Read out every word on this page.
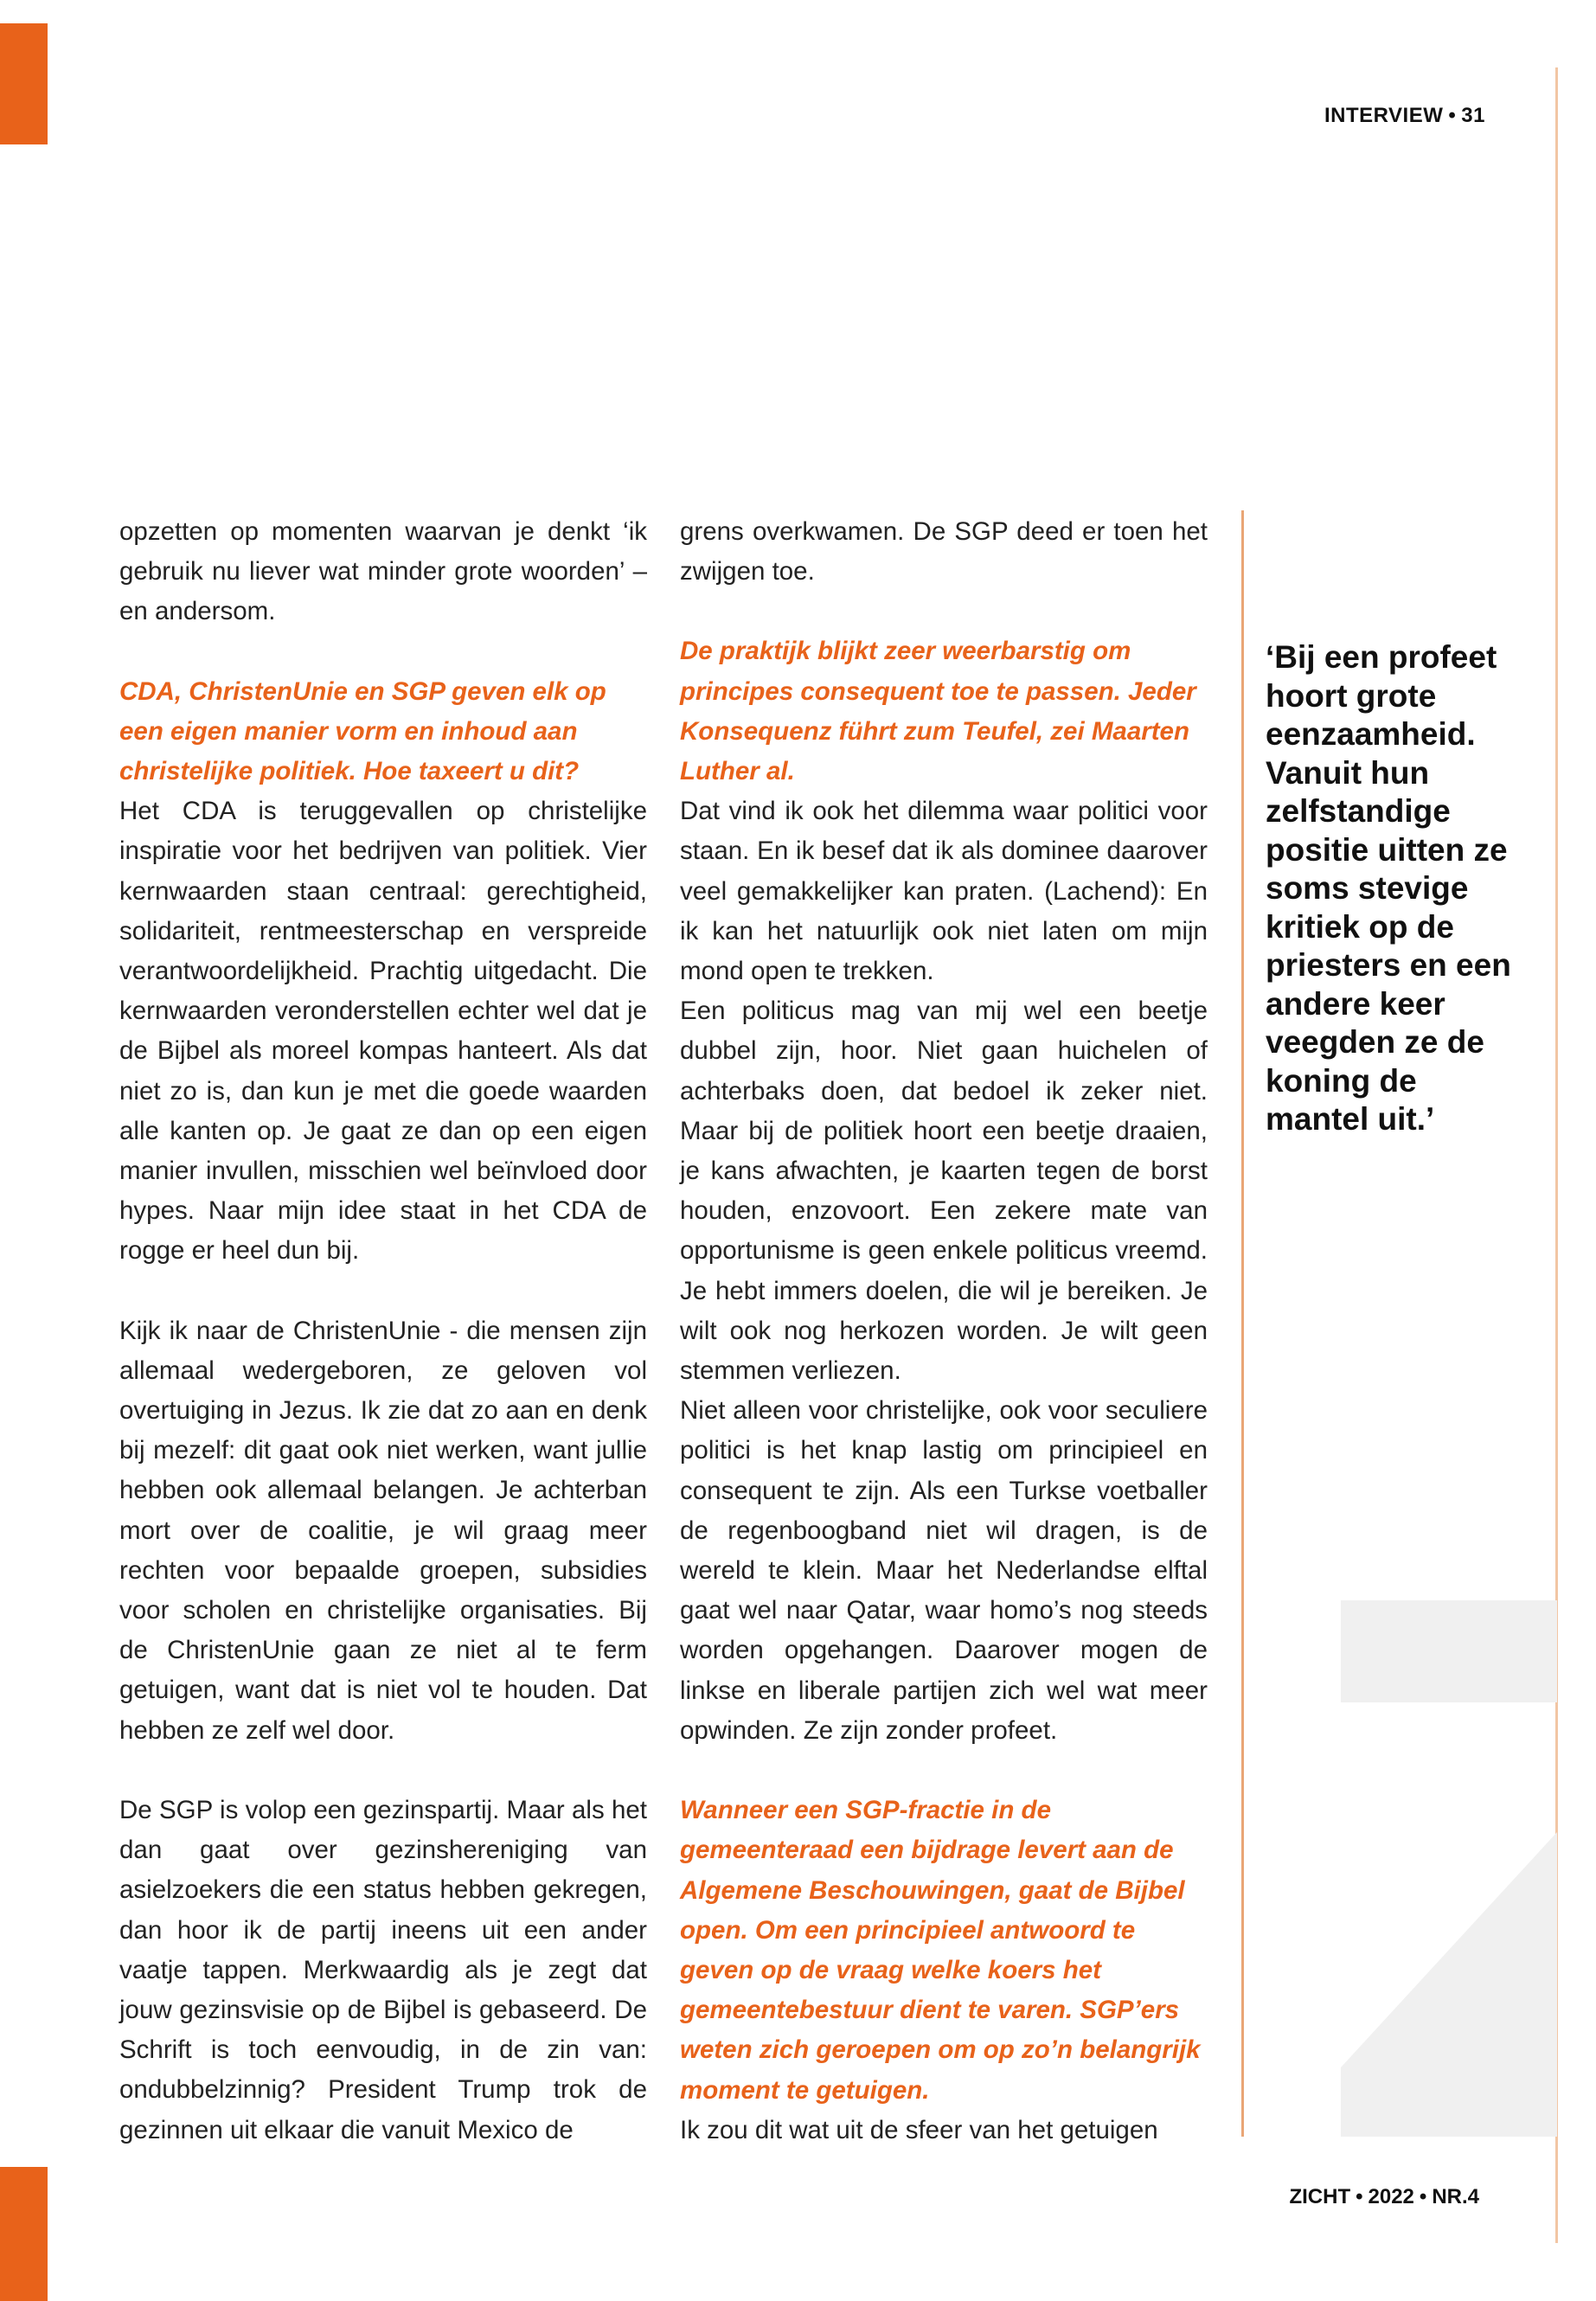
INTERVIEW • 31

opzetten op momenten waarvan je denkt ‘ik gebruik nu liever wat minder grote woorden’ – en andersom.

CDA, ChristenUnie en SGP geven elk op een eigen manier vorm en inhoud aan christelijke politiek. Hoe taxeert u dit?

Het CDA is teruggevallen op christelijke inspiratie voor het bedrijven van politiek. Vier kernwaarden staan centraal: gerechtigheid, solidariteit, rentmeesterschap en verspreide verantwoordelijkheid. Prachtig uitgedacht. Die kernwaarden veronderstellen echter wel dat je de Bijbel als moreel kompas hanteert. Als dat niet zo is, dan kun je met die goede waarden alle kanten op. Je gaat ze dan op een eigen manier invullen, misschien wel beïnvloed door hypes. Naar mijn idee staat in het CDA de rogge er heel dun bij.

Kijk ik naar de ChristenUnie - die mensen zijn allemaal wedergeboren, ze geloven vol overtuiging in Jezus. Ik zie dat zo aan en denk bij mezelf: dit gaat ook niet werken, want jullie hebben ook allemaal belangen. Je achterban mort over de coalitie, je wil graag meer rechten voor bepaalde groepen, subsidies voor scholen en christelijke organisaties. Bij de ChristenUnie gaan ze niet al te ferm getuigen, want dat is niet vol te houden. Dat hebben ze zelf wel door.

De SGP is volop een gezinspartij. Maar als het dan gaat over gezinshereniging van asielzoekers die een status hebben gekregen, dan hoor ik de partij ineens uit een ander vaatje tappen. Merkwaardig als je zegt dat jouw gezinsvisie op de Bijbel is gebaseerd. De Schrift is toch eenvoudig, in de zin van: ondubbelzinnig? President Trump trok de gezinnen uit elkaar die vanuit Mexico de

grens overkwamen. De SGP deed er toen het zwijgen toe.

De praktijk blijkt zeer weerbarstig om principes consequent toe te passen. Jeder Konsequenz führt zum Teufel, zei Maarten Luther al.

Dat vind ik ook het dilemma waar politici voor staan. En ik besef dat ik als dominee daarover veel gemakkelijker kan praten. (Lachend): En ik kan het natuurlijk ook niet laten om mijn mond open te trekken.

Een politicus mag van mij wel een beetje dubbel zijn, hoor. Niet gaan huichelen of achterbaks doen, dat bedoel ik zeker niet. Maar bij de politiek hoort een beetje draaien, je kans afwachten, je kaarten tegen de borst houden, enzovoort. Een zekere mate van opportunisme is geen enkele politicus vreemd. Je hebt immers doelen, die wil je bereiken. Je wilt ook nog herkozen worden. Je wilt geen stemmen verliezen.

Niet alleen voor christelijke, ook voor seculiere politici is het knap lastig om principieel en consequent te zijn. Als een Turkse voetballer de regenboogband niet wil dragen, is de wereld te klein. Maar het Nederlandse elftal gaat wel naar Qatar, waar homo’s nog steeds worden opgehangen. Daarover mogen de linkse en liberale partijen zich wel wat meer opwinden. Ze zijn zonder profeet.

Wanneer een SGP-fractie in de gemeenteraad een bijdrage levert aan de Algemene Beschouwingen, gaat de Bijbel open. Om een principieel antwoord te geven op de vraag welke koers het gemeentebestuur dient te varen. SGP’ers weten zich geroepen om op zo’n belangrijk moment te getuigen.

Ik zou dit wat uit de sfeer van het getuigen

‘Bij een profeet hoort grote eenzaamheid. Vanuit hun zelfstandige positie uitten ze soms stevige kritiek op de priesters en een andere keer veegden ze de koning de mantel uit.’
ZICHT • 2022 • NR.4
